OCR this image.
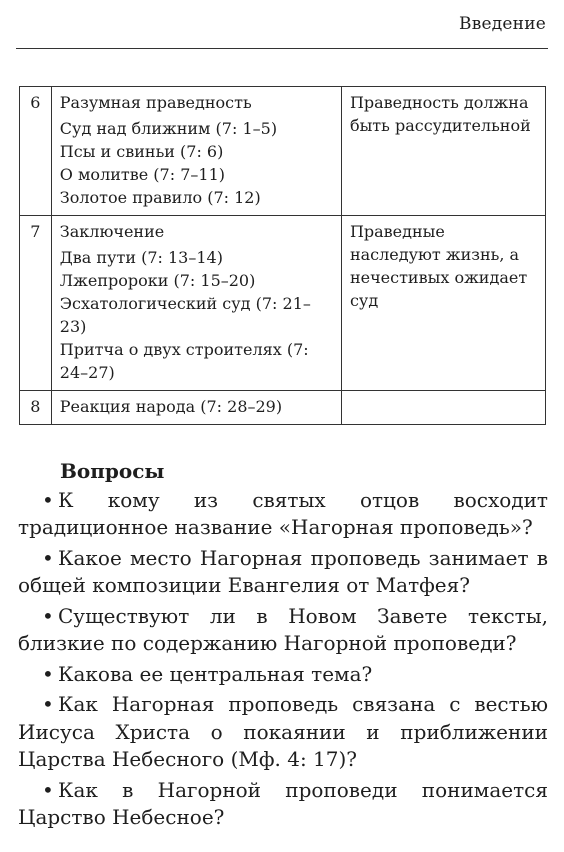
Введение
6	Разумная праведность
Суд над ближним (7: 1–5)
Псы и свиньи (7: 6)
О молитве (7: 7–11)
Золотое правило (7: 12)	Праведность должна быть рассудительной
7	Заключение
Два пути (7: 13–14)
Лжепророки (7: 15–20)
Эсхатологический суд (7: 21–23)
Притча о двух строителях (7: 24–27)	Праведные наследуют жизнь, а нечестивых ожидает суд
8	Реакция народа (7: 28–29)	

Вопросы
• К кому из святых отцов восходит традиционное название «Нагорная проповедь»?
• Какое место Нагорная проповедь занимает в общей композиции Евангелия от Матфея?
• Существуют ли в Новом Завете тексты, близкие по содержанию Нагорной проповеди?
• Какова ее центральная тема?
• Как Нагорная проповедь связана с вестью Иисуса Христа о покаянии и приближении Царства Небесного (Мф. 4: 17)?
• Как в Нагорной проповеди понимается Царство Небесное?
